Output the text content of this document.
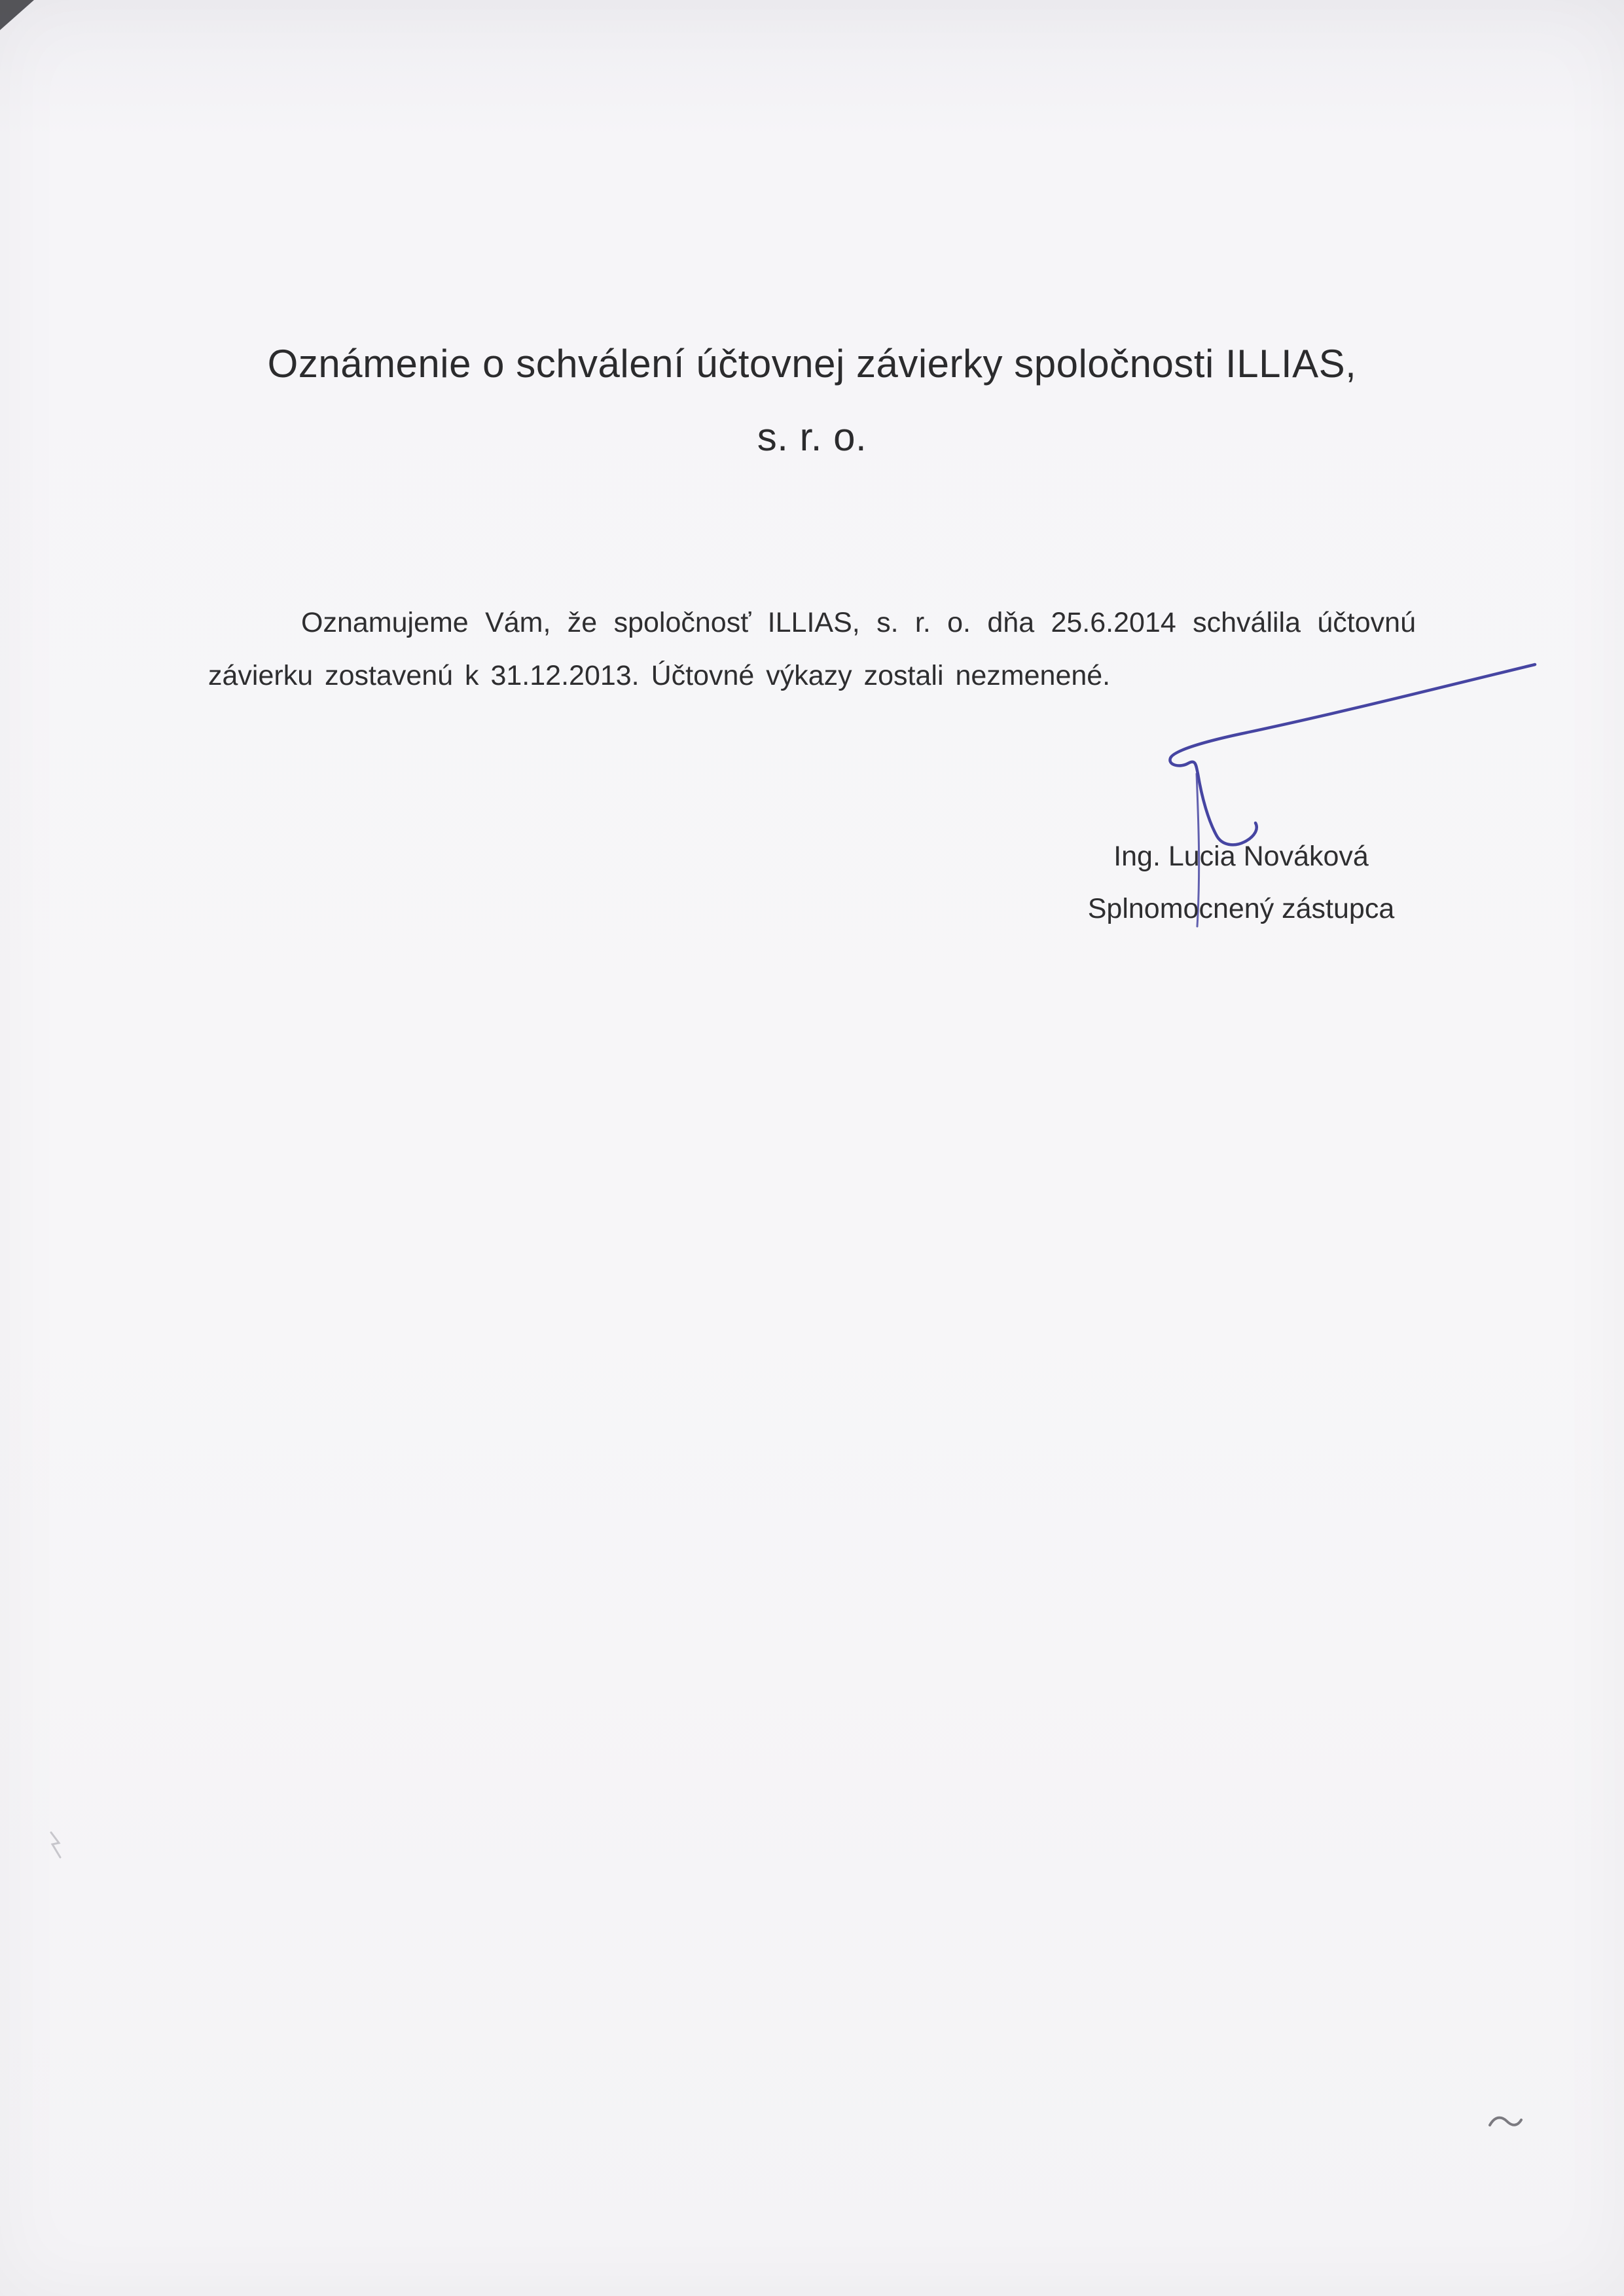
Oznámenie o schválení účtovnej závierky spoločnosti ILLIAS,
s. r. o.

Oznamujeme Vám, že spoločnosť ILLIAS, s. r. o. dňa 25.6.2014 schválila účtovnú závierku zostavenú k 31.12.2013. Účtovné výkazy zostali nezmenené.

Ing. Lucia Nováková
Splnomocnený zástupca
